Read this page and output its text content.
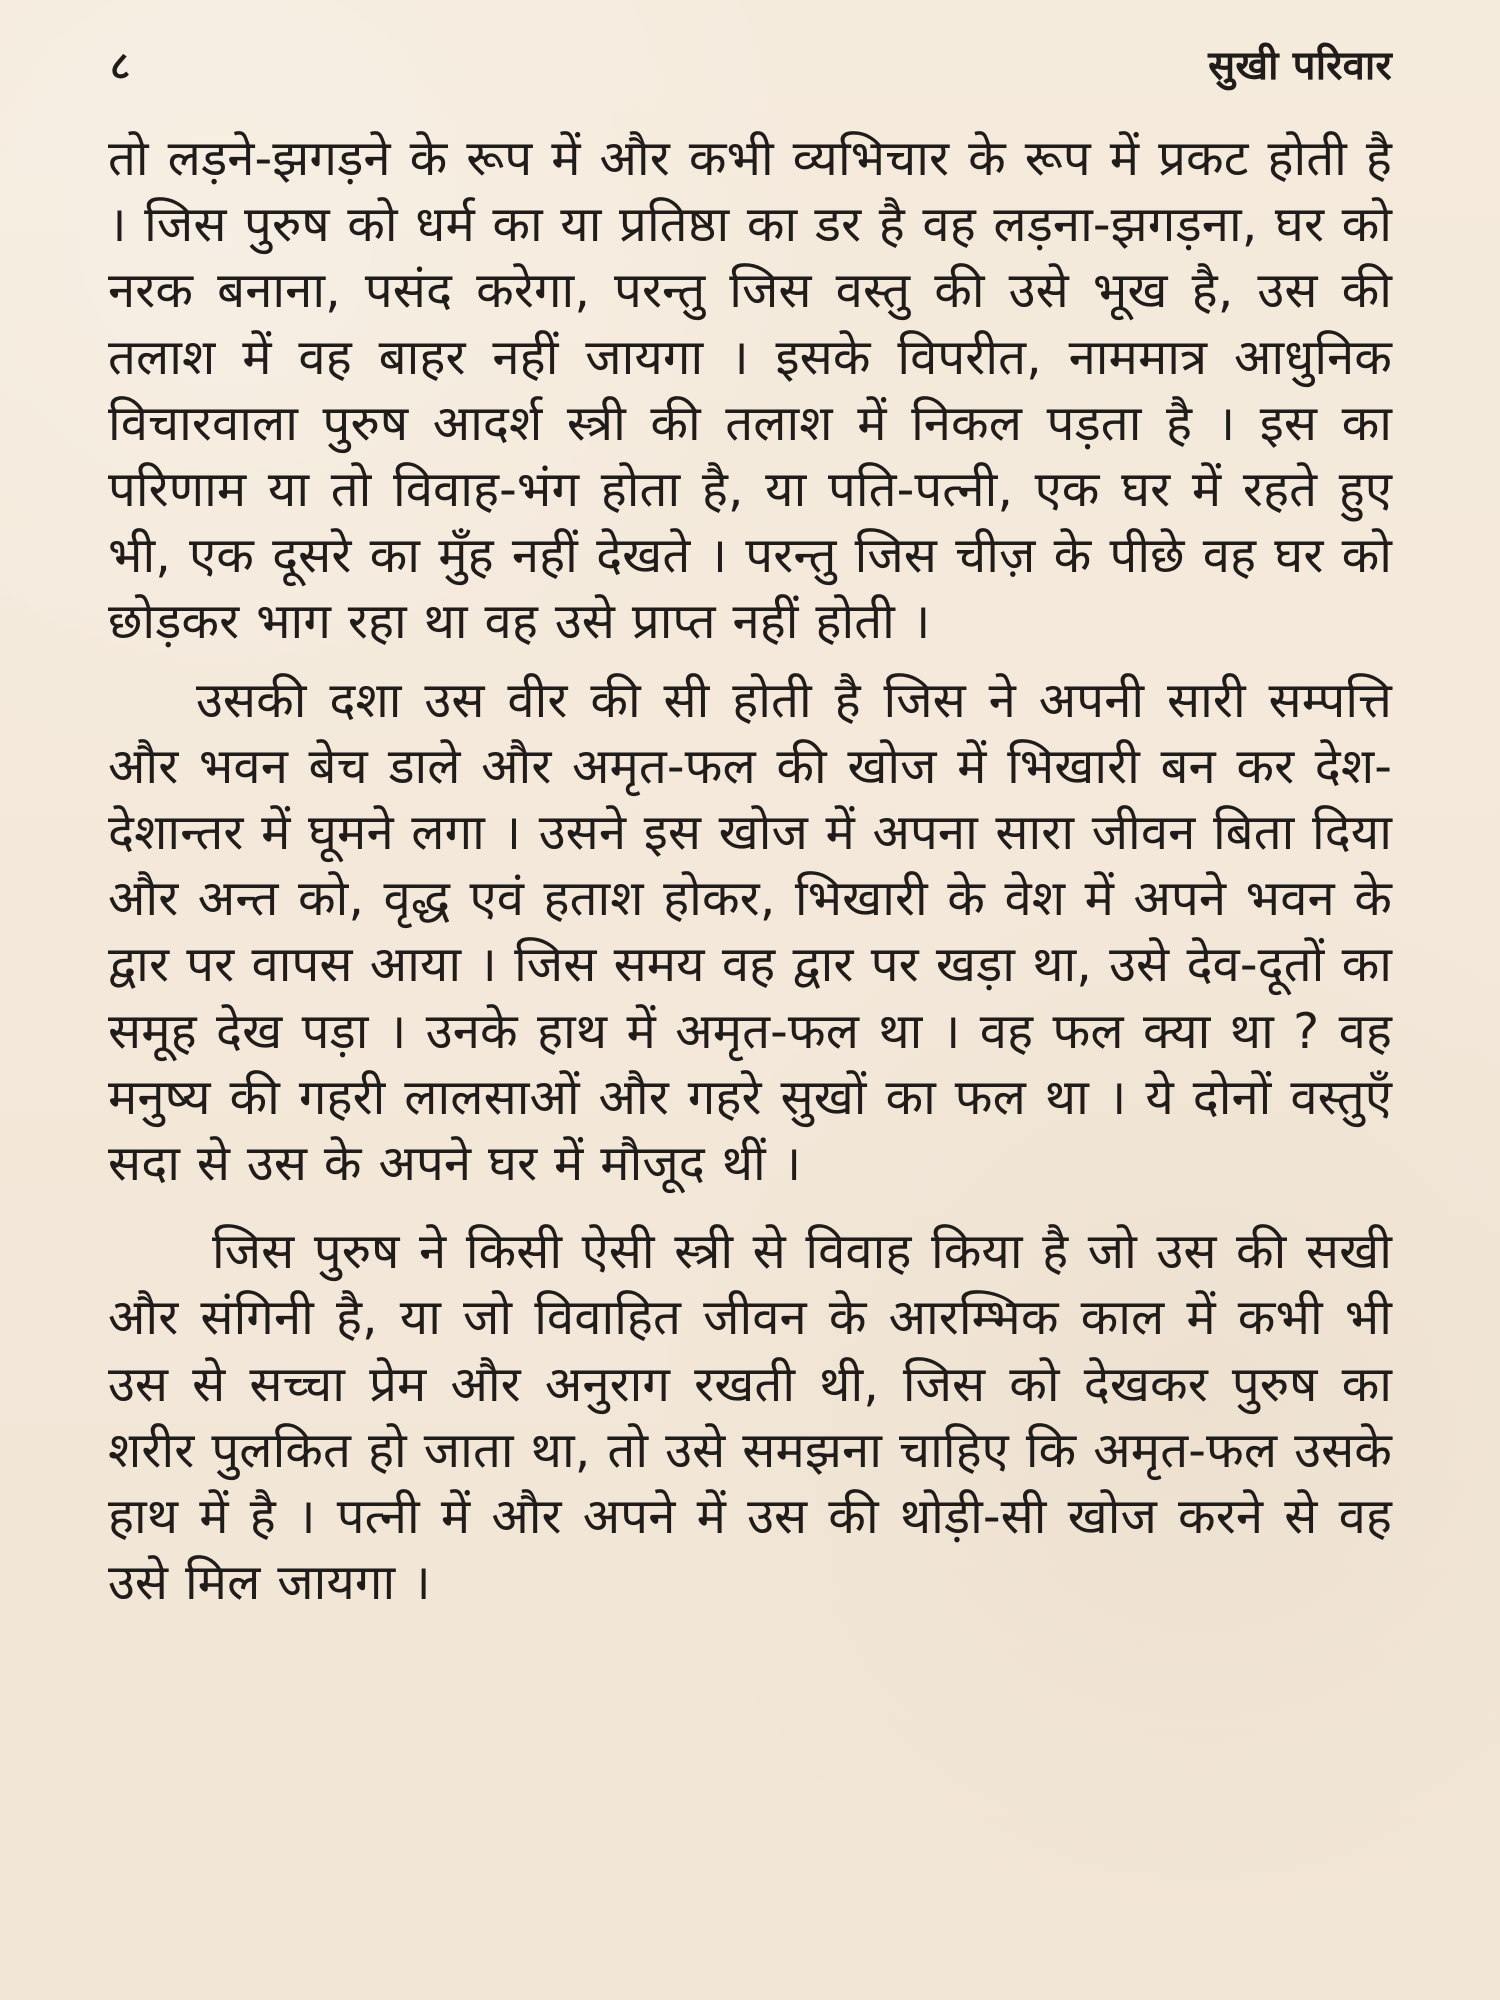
८	सुखी परिवार

तो लड़ने-झगड़ने के रूप में और कभी व्यभिचार के रूप में प्रकट होती है । जिस पुरुष को धर्म का या प्रतिष्ठा का डर है वह लड़ना-झगड़ना, घर को नरक बनाना, पसंद करेगा, परन्तु जिस वस्तु की उसे भूख है, उस की तलाश में वह बाहर नहीं जायगा । इसके विपरीत, नाममात्र आधुनिक विचारवाला पुरुष आदर्श स्त्री की तलाश में निकल पड़ता है । इस का परिणाम या तो विवाह-भंग होता है, या पति-पत्नी, एक घर में रहते हुए भी, एक दूसरे का मुँह नहीं देखते । परन्तु जिस चीज़ के पीछे वह घर को छोड़कर भाग रहा था वह उसे प्राप्त नहीं होती ।

उसकी दशा उस वीर की सी होती है जिस ने अपनी सारी सम्पत्ति और भवन बेच डाले और अमृत-फल की खोज में भिखारी बन कर देश-देशान्तर में घूमने लगा । उसने इस खोज में अपना सारा जीवन बिता दिया और अन्त को, वृद्ध एवं हताश होकर, भिखारी के वेश में अपने भवन के द्वार पर वापस आया । जिस समय वह द्वार पर खड़ा था, उसे देव-दूतों का समूह देख पड़ा । उनके हाथ में अमृत-फल था । वह फल क्या था ? वह मनुष्य की गहरी लालसाओं और गहरे सुखों का फल था । ये दोनों वस्तुएँ सदा से उस के अपने घर में मौजूद थीं ।

जिस पुरुष ने किसी ऐसी स्त्री से विवाह किया है जो उस की सखी और संगिनी है, या जो विवाहित जीवन के आरम्भिक काल में कभी भी उस से सच्चा प्रेम और अनुराग रखती थी, जिस को देखकर पुरुष का शरीर पुलकित हो जाता था, तो उसे समझना चाहिए कि अमृत-फल उसके हाथ में है । पत्नी में और अपने में उस की थोड़ी-सी खोज करने से वह उसे मिल जायगा ।
